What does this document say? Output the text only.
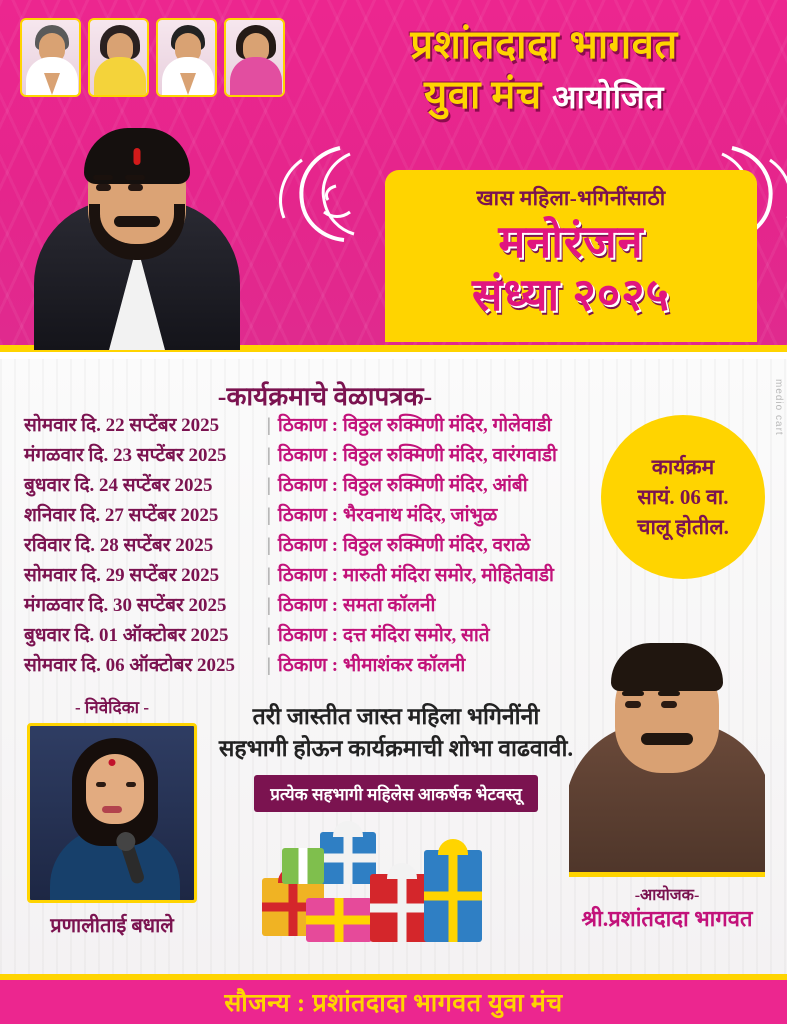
प्रशांतदादा भागवत
युवा मंच आयोजित
खास महिला-भगिनींसाठी
मनोरंजन
संध्या २०२५
-कार्यक्रमाचे वेळापत्रक-
सोमवार दि. 22 सप्टेंबर 2025	| ठिकाण : विठ्ठल रुक्मिणी मंदिर, गोलेवाडी
मंगळवार दि. 23 सप्टेंबर 2025	| ठिकाण : विठ्ठल रुक्मिणी मंदिर, वारंगवाडी
बुधवार दि. 24 सप्टेंबर 2025	| ठिकाण : विठ्ठल रुक्मिणी मंदिर, आंबी
शनिवार दि. 27 सप्टेंबर 2025	| ठिकाण : भैरवनाथ मंदिर, जांभुळ
रविवार दि. 28 सप्टेंबर 2025	| ठिकाण : विठ्ठल रुक्मिणी मंदिर, वराळे
सोमवार दि. 29 सप्टेंबर 2025	| ठिकाण : मारुती मंदिरा समोर, मोहितेवाडी
मंगळवार दि. 30 सप्टेंबर 2025	| ठिकाण : समता कॉलनी
बुधवार दि. 01 ऑक्टोबर 2025	| ठिकाण : दत्त मंदिरा समोर, साते
सोमवार दि. 06 ऑक्टोबर 2025	| ठिकाण : भीमाशंकर कॉलनी
कार्यक्रम
सायं. 06 वा.
चालू होतील.
medio cart
- निवेदिका -
प्रणालीताई बधाले
तरी जास्तीत जास्त महिला भगिनींनी
सहभागी होऊन कार्यक्रमाची शोभा वाढवावी.
प्रत्येक सहभागी महिलेस आकर्षक भेटवस्तू
-आयोजक-
श्री.प्रशांतदादा भागवत
सौजन्य : प्रशांतदादा भागवत युवा मंच
